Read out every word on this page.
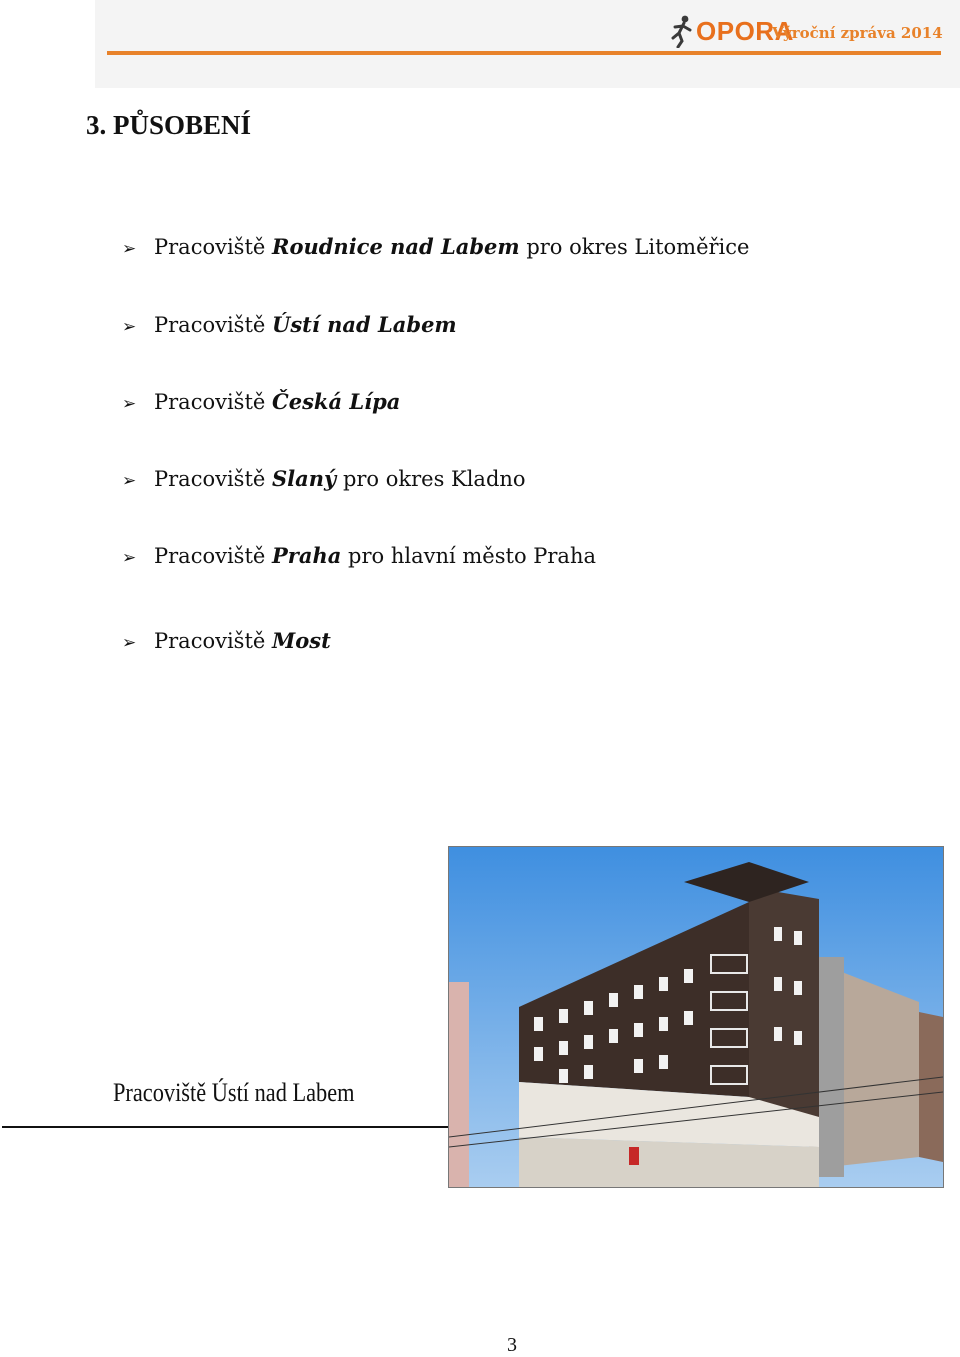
OPORA
Výroční zpráva 2014
3. PŮSOBENÍ
➢ Pracoviště Roudnice nad Labem pro okres Litoměřice
➢ Pracoviště Ústí nad Labem
➢ Pracoviště Česká Lípa
➢ Pracoviště Slaný pro okres Kladno
➢ Pracoviště Praha pro hlavní město Praha
➢ Pracoviště Most
Pracoviště Ústí nad Labem
3
